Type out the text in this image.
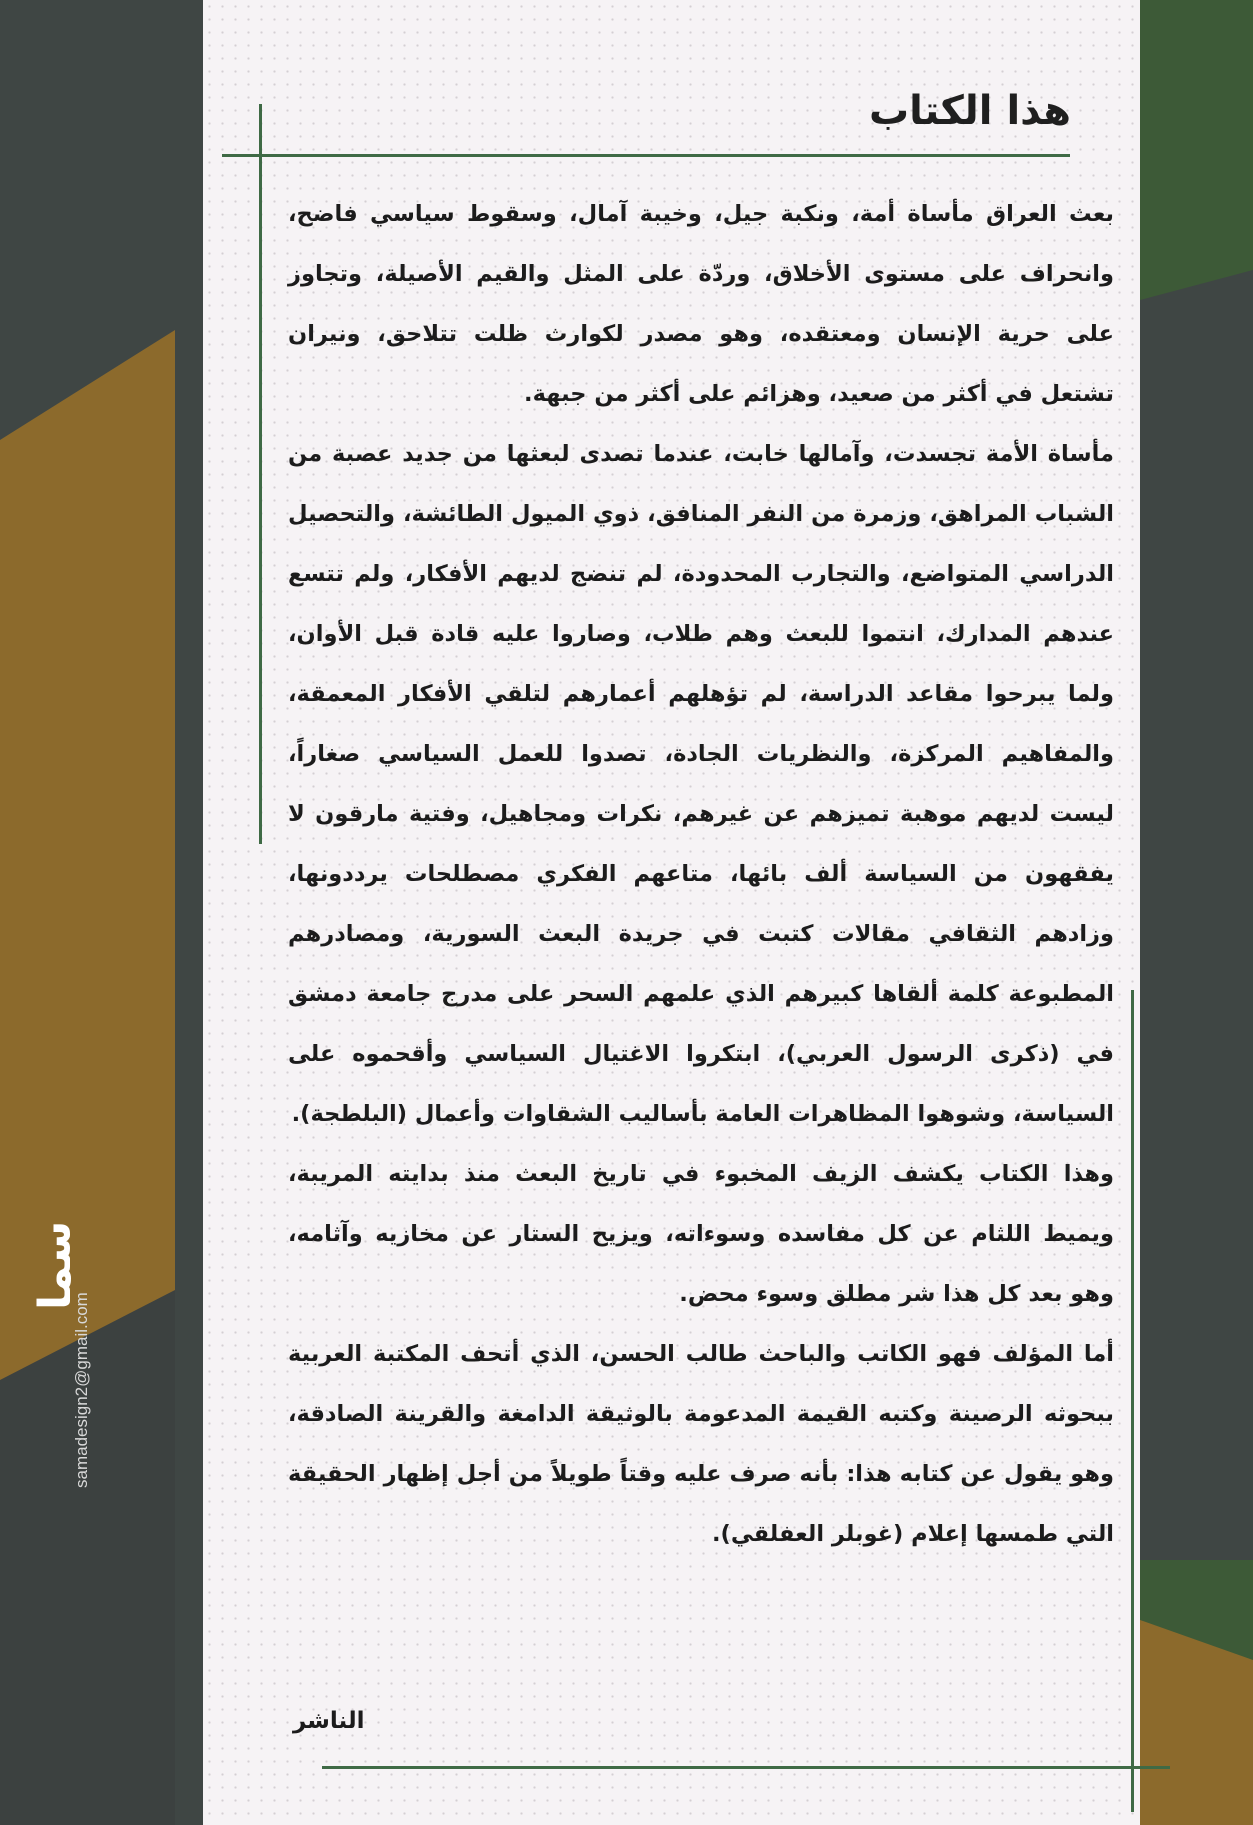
هذا الكتاب

بعث العراق مأساة أمة، ونكبة جيل، وخيبة آمال، وسقوط سياسي فاضح، وانحراف على مستوى الأخلاق، وردّة على المثل والقيم الأصيلة، وتجاوز على حرية الإنسان ومعتقده، وهو مصدر لكوارث ظلت تتلاحق، ونيران تشتعل في أكثر من صعيد، وهزائم على أكثر من جبهة.

مأساة الأمة تجسدت، وآمالها خابت، عندما تصدى لبعثها من جديد عصبة من الشباب المراهق، وزمرة من النفر المنافق، ذوي الميول الطائشة، والتحصيل الدراسي المتواضع، والتجارب المحدودة، لم تنضج لديهم الأفكار، ولم تتسع عندهم المدارك، انتموا للبعث وهم طلاب، وصاروا عليه قادة قبل الأوان، ولما يبرحوا مقاعد الدراسة، لم تؤهلهم أعمارهم لتلقي الأفكار المعمقة، والمفاهيم المركزة، والنظريات الجادة، تصدوا للعمل السياسي صغاراً، ليست لديهم موهبة تميزهم عن غيرهم، نكرات ومجاهيل، وفتية مارقون لا يفقهون من السياسة ألف بائها، متاعهم الفكري مصطلحات يرددونها، وزادهم الثقافي مقالات كتبت في جريدة البعث السورية، ومصادرهم المطبوعة كلمة ألقاها كبيرهم الذي علمهم السحر على مدرج جامعة دمشق في (ذكرى الرسول العربي)، ابتكروا الاغتيال السياسي وأقحموه على السياسة، وشوهوا المظاهرات العامة بأساليب الشقاوات وأعمال (البلطجة).

وهذا الكتاب يكشف الزيف المخبوء في تاريخ البعث منذ بدايته المريبة، ويميط اللثام عن كل مفاسده وسوءاته، ويزيح الستار عن مخازيه وآثامه، وهو بعد كل هذا شر مطلق وسوء محض.

أما المؤلف فهو الكاتب والباحث طالب الحسن، الذي أتحف المكتبة العربية ببحوثه الرصينة وكتبه القيمة المدعومة بالوثيقة الدامغة والقرينة الصادقة، وهو يقول عن كتابه هذا: بأنه صرف عليه وقتاً طويلاً من أجل إظهار الحقيقة التي طمسها إعلام (غوبلر العفلقي).

الناشر
سما
samadesign2@gmail.com
